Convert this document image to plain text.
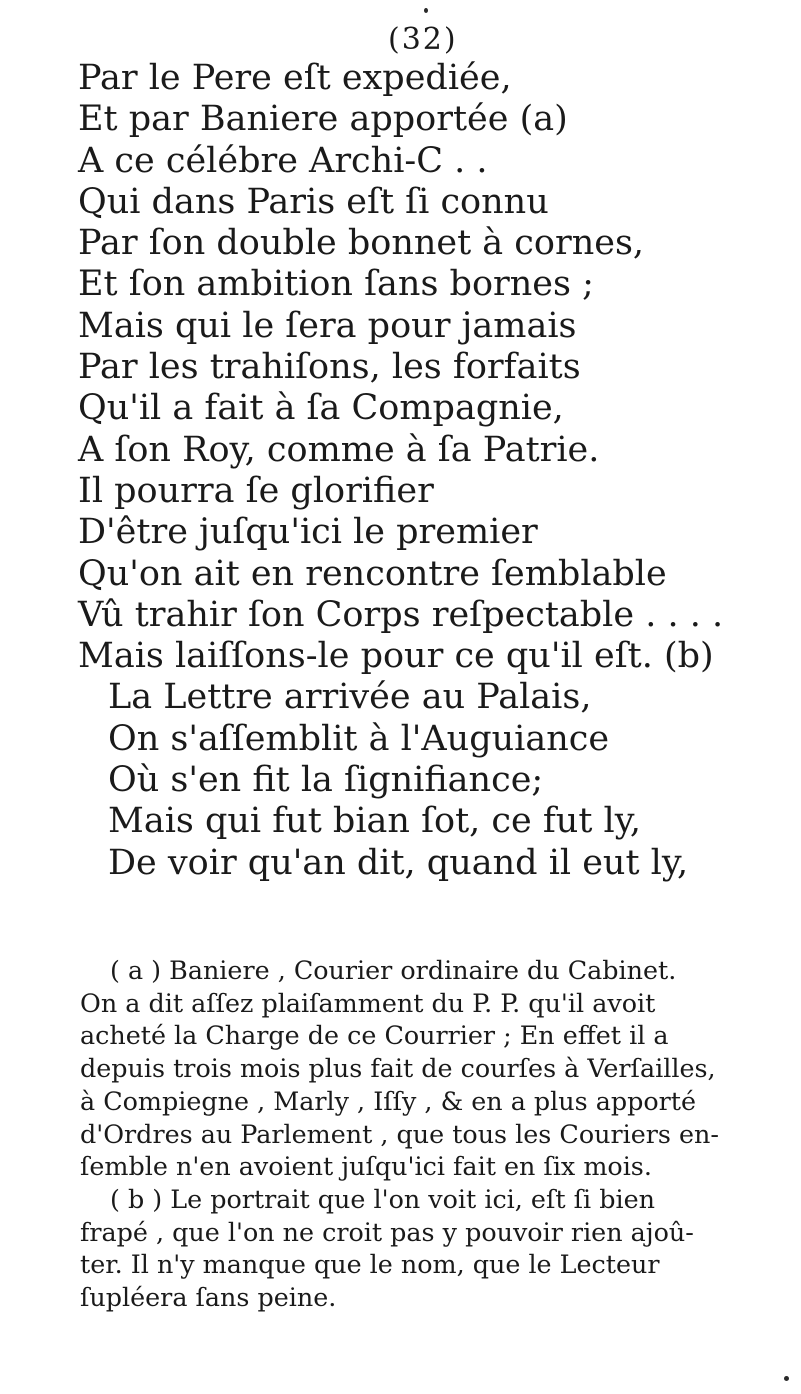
(32)
Par le Pere eſt expediée,
Et par Baniere apportée (a)
A ce célébre Archi-C . .
Qui dans Paris eſt ſi connu
Par ſon double bonnet à cornes,
Et ſon ambition ſans bornes ;
Mais qui le ſera pour jamais
Par les trahiſons, les forfaits
Qu'il a fait à ſa Compagnie,
A ſon Roy, comme à ſa Patrie.
Il pourra ſe glorifier
D'être juſqu'ici le premier
Qu'on ait en rencontre ſemblable
Vû trahir ſon Corps reſpectable . . . .
Mais laiſſons-le pour ce qu'il eſt. (b)
La Lettre arrivée au Palais,
On s'aſſemblit à l'Auguiance
Où s'en fit la ſignifiance;
Mais qui fut bian ſot, ce fut ly,
De voir qu'an dit, quand il eut ly,
( a ) Baniere , Courier ordinaire du Cabinet.
On a dit aſſez plaiſamment du P. P. qu'il avoit
acheté la Charge de ce Courrier ; En effet il a
depuis trois mois plus fait de courſes à Verſailles,
à Compiegne , Marly , Iſſy , & en a plus apporté
d'Ordres au Parlement , que tous les Couriers en-
ſemble n'en avoient juſqu'ici fait en ſix mois.
( b ) Le portrait que l'on voit ici, eſt ſi bien
frapé , que l'on ne croit pas y pouvoir rien ajoû-
ter. Il n'y manque que le nom, que le Lecteur
ſupléera ſans peine.
